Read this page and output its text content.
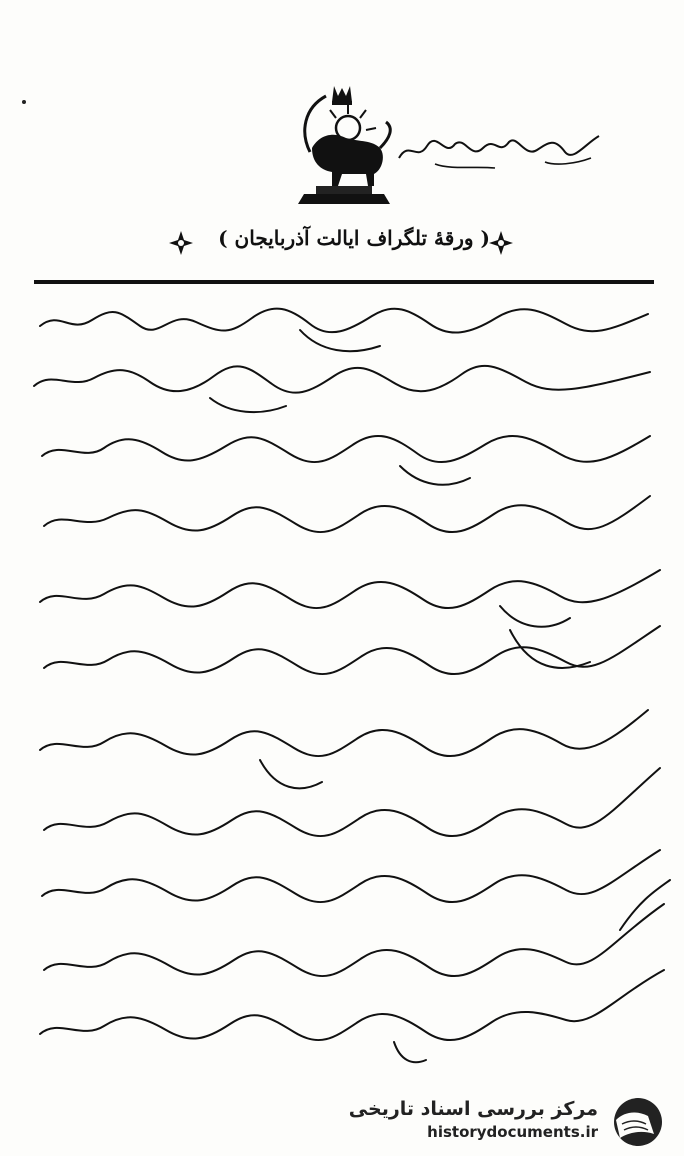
( ورقهٔ تلگراف ایالت آذربایجان )
مرکز بررسی اسناد تاریخی
historydocuments.ir
